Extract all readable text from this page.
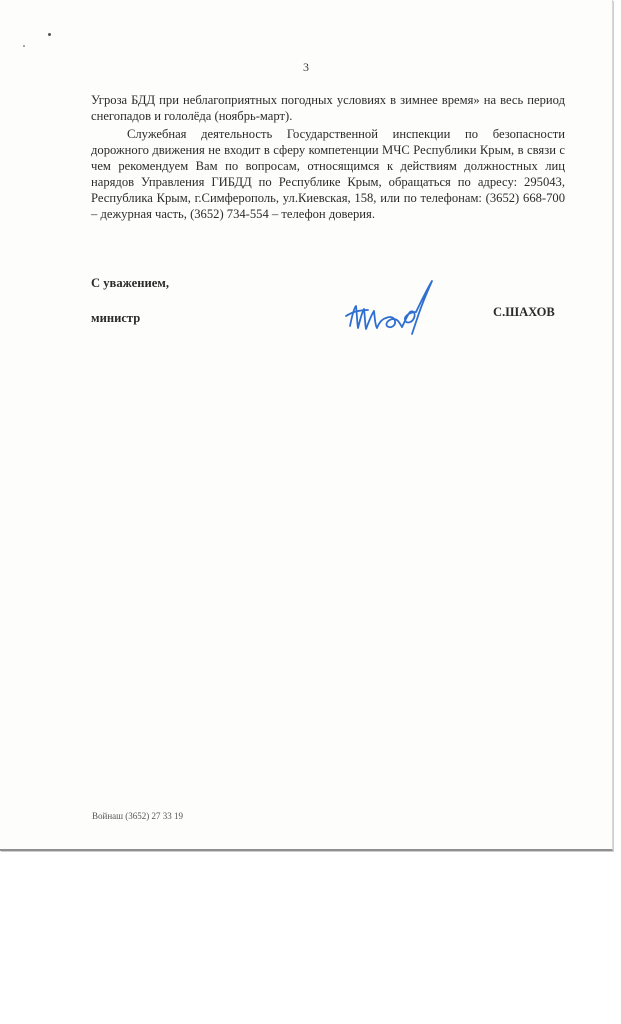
3

Угроза БДД при неблагоприятных погодных условиях в зимнее время» на весь период снегопадов и гололёда (ноябрь-март).

Служебная деятельность Государственной инспекции по безопасности дорожного движения не входит в сферу компетенции МЧС Республики Крым, в связи с чем рекомендуем Вам по вопросам, относящимся к действиям должностных лиц нарядов Управления ГИБДД по Республике Крым, обращаться по адресу: 295043, Республика Крым, г.Симферополь, ул.Киевская, 158, или по телефонам: (3652) 668-700 – дежурная часть, (3652) 734-554 – телефон доверия.

С уважением,
министр	С.ШАХОВ
Войнаш (3652) 27 33 19
